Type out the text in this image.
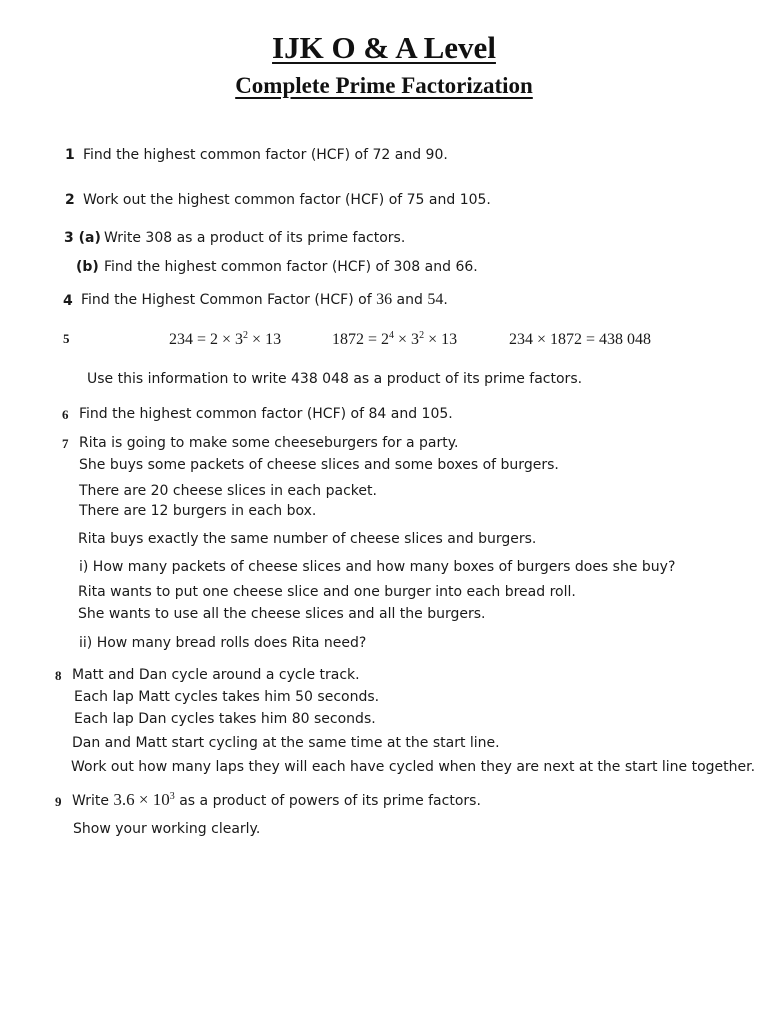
IJK O & A Level
Complete Prime Factorization
1 Find the highest common factor (HCF) of 72 and 90.
2 Work out the highest common factor (HCF) of 75 and 105.
3 (a) Write 308 as a product of its prime factors.
(b) Find the highest common factor (HCF) of 308 and 66.
4 Find the Highest Common Factor (HCF) of 36 and 54.
5	$234 = 2 \times 3^2 \times 13$	$1872 = 2^4 \times 3^2 \times 13$	234 × 1872 = 438 048
Use this information to write 438 048 as a product of its prime factors.
6 Find the highest common factor (HCF) of 84 and 105.
7 Rita is going to make some cheeseburgers for a party.
She buys some packets of cheese slices and some boxes of burgers.
There are 20 cheese slices in each packet.
There are 12 burgers in each box.
Rita buys exactly the same number of cheese slices and burgers.
i) How many packets of cheese slices and how many boxes of burgers does she buy?
Rita wants to put one cheese slice and one burger into each bread roll.
She wants to use all the cheese slices and all the burgers.
ii) How many bread rolls does Rita need?
8 Matt and Dan cycle around a cycle track.
Each lap Matt cycles takes him 50 seconds.
Each lap Dan cycles takes him 80 seconds.
Dan and Matt start cycling at the same time at the start line.
Work out how many laps they will each have cycled when they are next at the start line together.
9 Write $3.6 \times 10^3$ as a product of powers of its prime factors.
Show your working clearly.
